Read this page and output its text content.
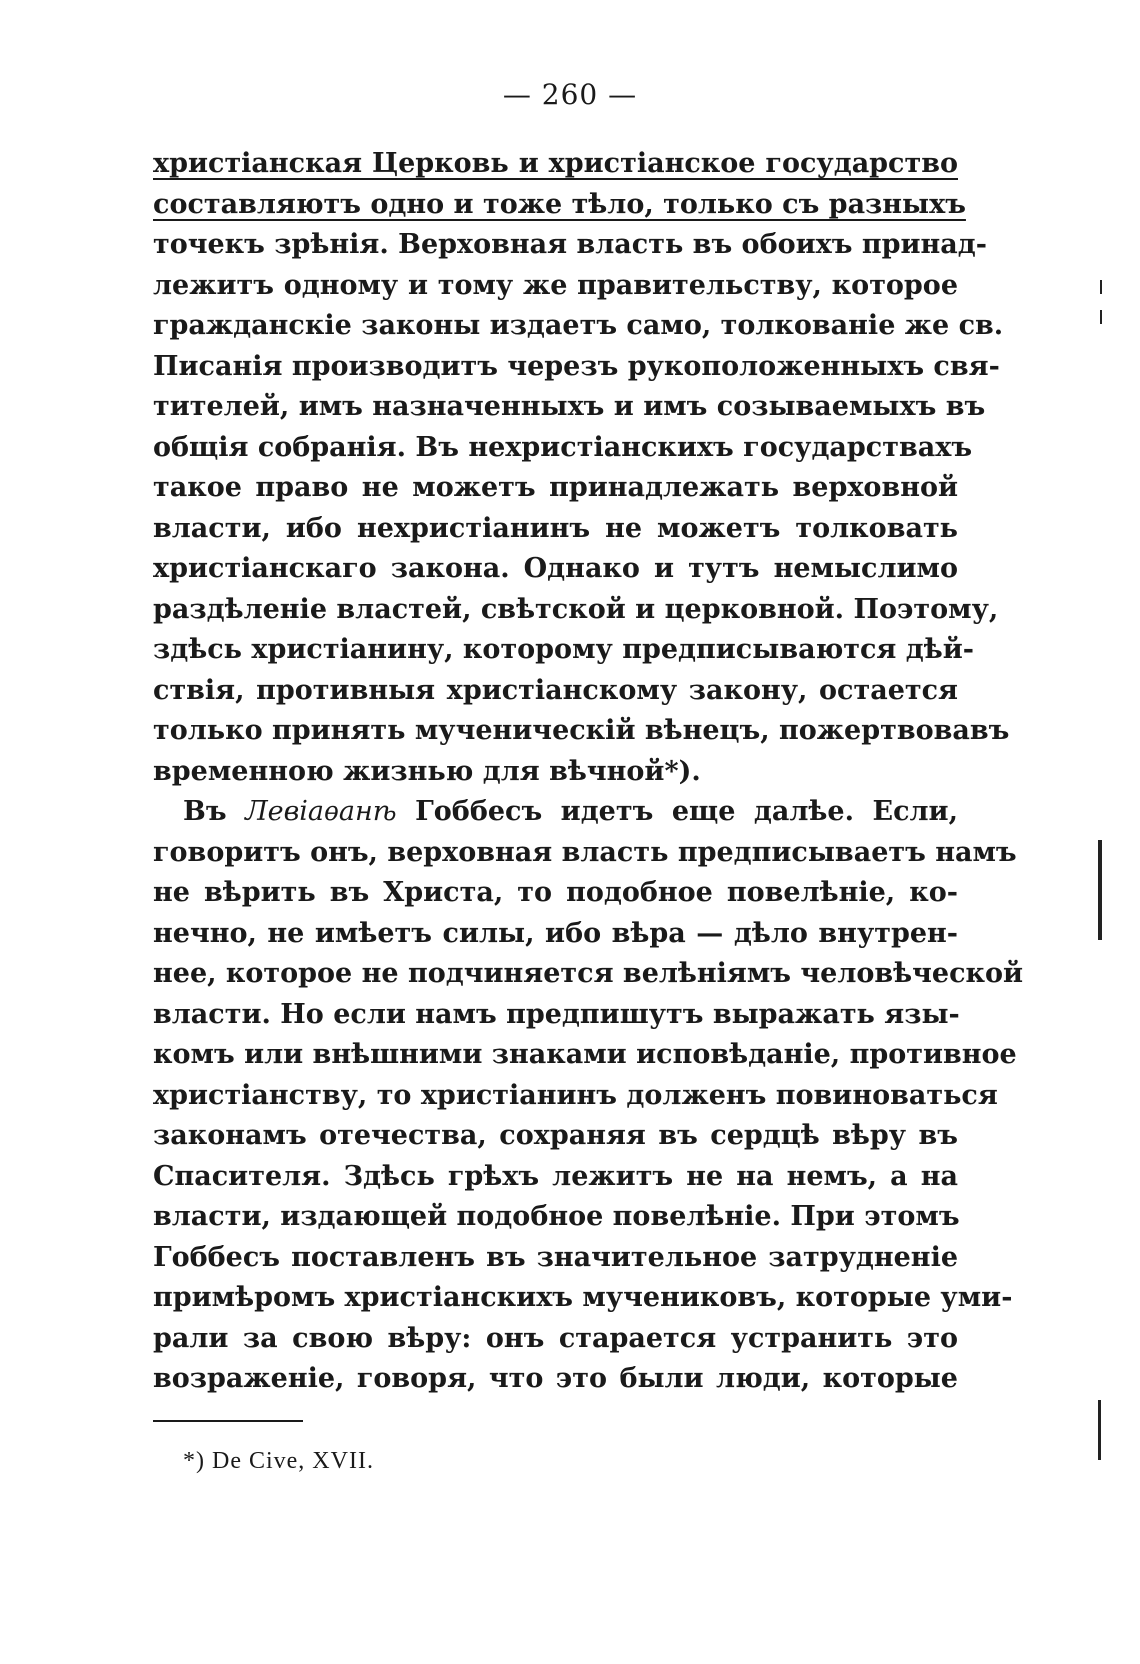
— 260 —
христіанская Церковь и христіанское государство
составляютъ одно и тоже тѣло, только съ разныхъ
точекъ зрѣнія. Верховная власть въ обоихъ принад-
лежитъ одному и тому же правительству, которое
гражданскіе законы издаетъ само, толкованіе же св.
Писанія производитъ черезъ рукоположенныхъ свя-
тителей, имъ назначенныхъ и имъ созываемыхъ въ
общія собранія. Въ нехристіанскихъ государствахъ
такое право не можетъ принадлежать верховной
власти, ибо нехристіанинъ не можетъ толковать
христіанскаго закона. Однако и тутъ немыслимо
раздѣленіе властей, свѣтской и церковной. Поэтому,
здѣсь христіанину, которому предписываются дѣй-
ствія, противныя христіанскому закону, остается
только принять мученическій вѣнецъ, пожертвовавъ
временною жизнью для вѣчной*).
Въ Левіаѳанѣ Гоббесъ идетъ еще далѣе. Если,
говоритъ онъ, верховная власть предписываетъ намъ
не вѣрить въ Христа, то подобное повелѣніе, ко-
нечно, не имѣетъ силы, ибо вѣра — дѣло внутрен-
нее, которое не подчиняется велѣніямъ человѣческой
власти. Но если намъ предпишутъ выражать язы-
комъ или внѣшними знаками исповѣданіе, противное
христіанству, то христіанинъ долженъ повиноваться
законамъ отечества, сохраняя въ сердцѣ вѣру въ
Спасителя. Здѣсь грѣхъ лежитъ не на немъ, а на
власти, издающей подобное повелѣніе. При этомъ
Гоббесъ поставленъ въ значительное затрудненіе
примѣромъ христіанскихъ мучениковъ, которые уми-
рали за свою вѣру: онъ старается устранить это
возраженіе, говоря, что это были люди, которые
*) De Cive, XVII.
